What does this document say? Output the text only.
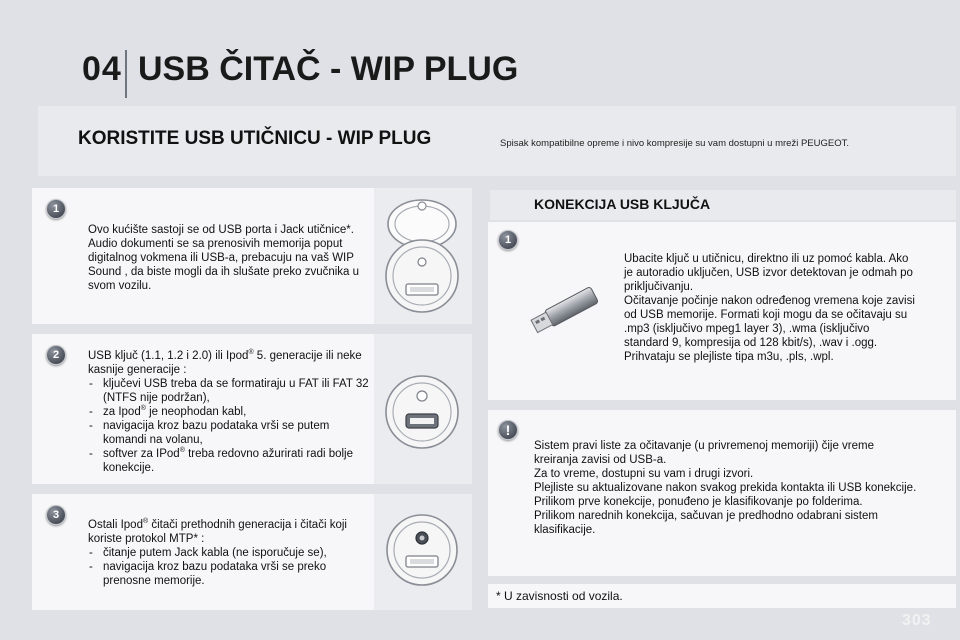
04 USB ČITAČ - WIP PLUG
KORISTITE USB UTIČNICU - WIP PLUG	Spisak kompatibilne opreme i nivo kompresije su vam dostupni u mreži PEUGEOT.
1
Ovo kućište sastoji se od USB porta i Jack utičnice*. Audio dokumenti se sa prenosivih memorija poput digitalnog vokmena ili USB-a, prebacuju na vaš WIP Sound , da biste mogli da ih slušate preko zvučnika u svom vozilu.
2	USB ključ (1.1, 1.2 i 2.0) ili Ipod® 5. generacije ili neke kasnije generacije :
- ključevi USB treba da se formatiraju u FAT ili FAT 32 (NTFS nije podržan),
- za Ipod® je neophodan kabl,
- navigacija kroz bazu podataka vrši se putem komandi na volanu,
- softver za IPod® treba redovno ažurirati radi bolje konekcije.
3
Ostali Ipod® čitači prethodnih generacija i čitači koji koriste protokol MTP* :
- čitanje putem Jack kabla (ne isporučuje se),
- navigacija kroz bazu podataka vrši se preko prenosne memorije.
KONEKCIJA USB KLJUČA
1
Ubacite ključ u utičnicu, direktno ili uz pomoć kabla. Ako je autoradio uključen, USB izvor detektovan je odmah po priključivanju.
Očitavanje počinje nakon određenog vremena koje zavisi od USB memorije. Formati koji mogu da se očitavaju su .mp3 (isključivo mpeg1 layer 3), .wma (isključivo standard 9, kompresija od 128 kbit/s), .wav i .ogg.
Prihvataju se plejliste tipa m3u, .pls, .wpl.
!
Sistem pravi liste za očitavanje (u privremenoj memoriji) čije vreme kreiranja zavisi od USB-a.
Za to vreme, dostupni su vam i drugi izvori.
Plejliste su aktualizovane nakon svakog prekida kontakta ili USB konekcije.
Prilikom prve konekcije, ponuđeno je klasifikovanje po folderima.
Prilikom narednih konekcija, sačuvan je predhodno odabrani sistem klasifikacije.
* U zavisnosti od vozila.
303
